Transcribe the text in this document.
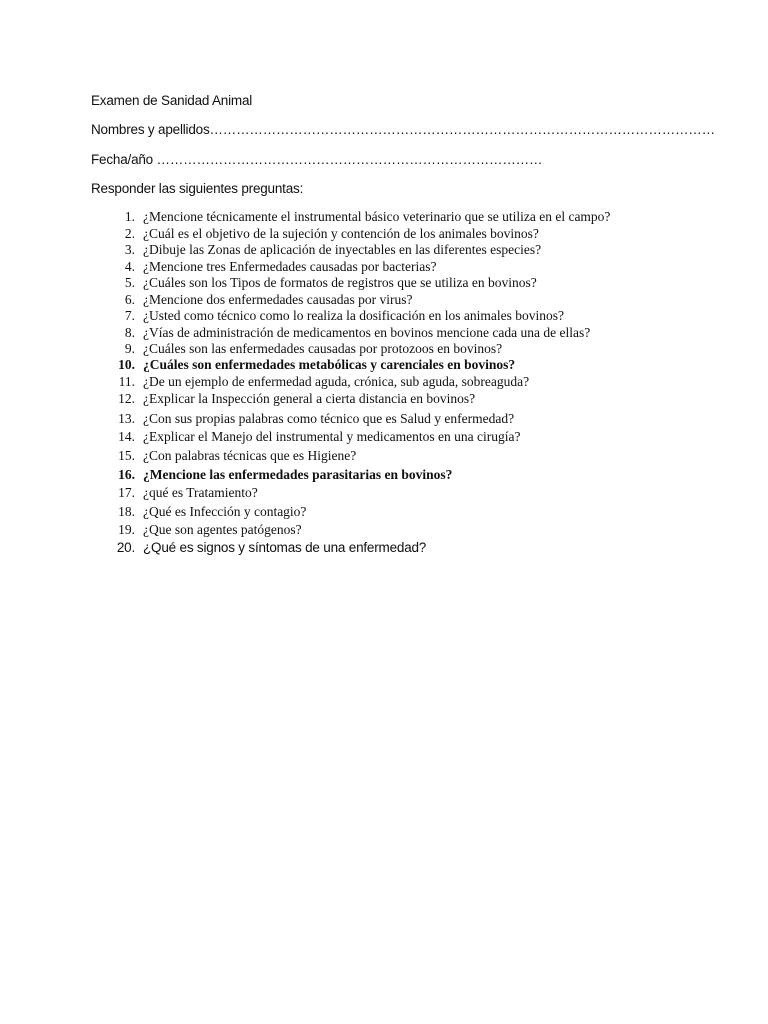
Examen de Sanidad Animal
Nombres y apellidos……………………………………………………………………………………………………
Fecha/año ……………………………………………………………………………
Responder las siguientes preguntas:
1. ¿Mencione técnicamente el instrumental básico veterinario que se utiliza en el campo?
2. ¿Cuál es el objetivo de la sujeción y contención de los animales bovinos?
3. ¿Dibuje las Zonas de aplicación de inyectables en las diferentes especies?
4. ¿Mencione tres Enfermedades causadas por bacterias?
5. ¿Cuáles son los Tipos de formatos de registros que se utiliza en bovinos?
6. ¿Mencione dos enfermedades causadas por virus?
7. ¿Usted como técnico como lo realiza la dosificación en los animales bovinos?
8. ¿Vías de administración de medicamentos en bovinos mencione cada una de ellas?
9. ¿Cuáles son las enfermedades causadas por protozoos en bovinos?
10. ¿Cuáles son enfermedades metabólicas y carenciales en bovinos?
11. ¿De un ejemplo de enfermedad aguda, crónica, sub aguda, sobreaguda?
12. ¿Explicar la Inspección general a cierta distancia en bovinos?
13. ¿Con sus propias palabras como técnico que es Salud y enfermedad?
14. ¿Explicar el Manejo del instrumental y medicamentos en una cirugía?
15. ¿Con palabras técnicas que es Higiene?
16. ¿Mencione las enfermedades parasitarias en bovinos?
17. ¿qué es Tratamiento?
18. ¿Qué es Infección y contagio?
19. ¿Que son agentes patógenos?
20. ¿Qué es signos y síntomas de una enfermedad?
